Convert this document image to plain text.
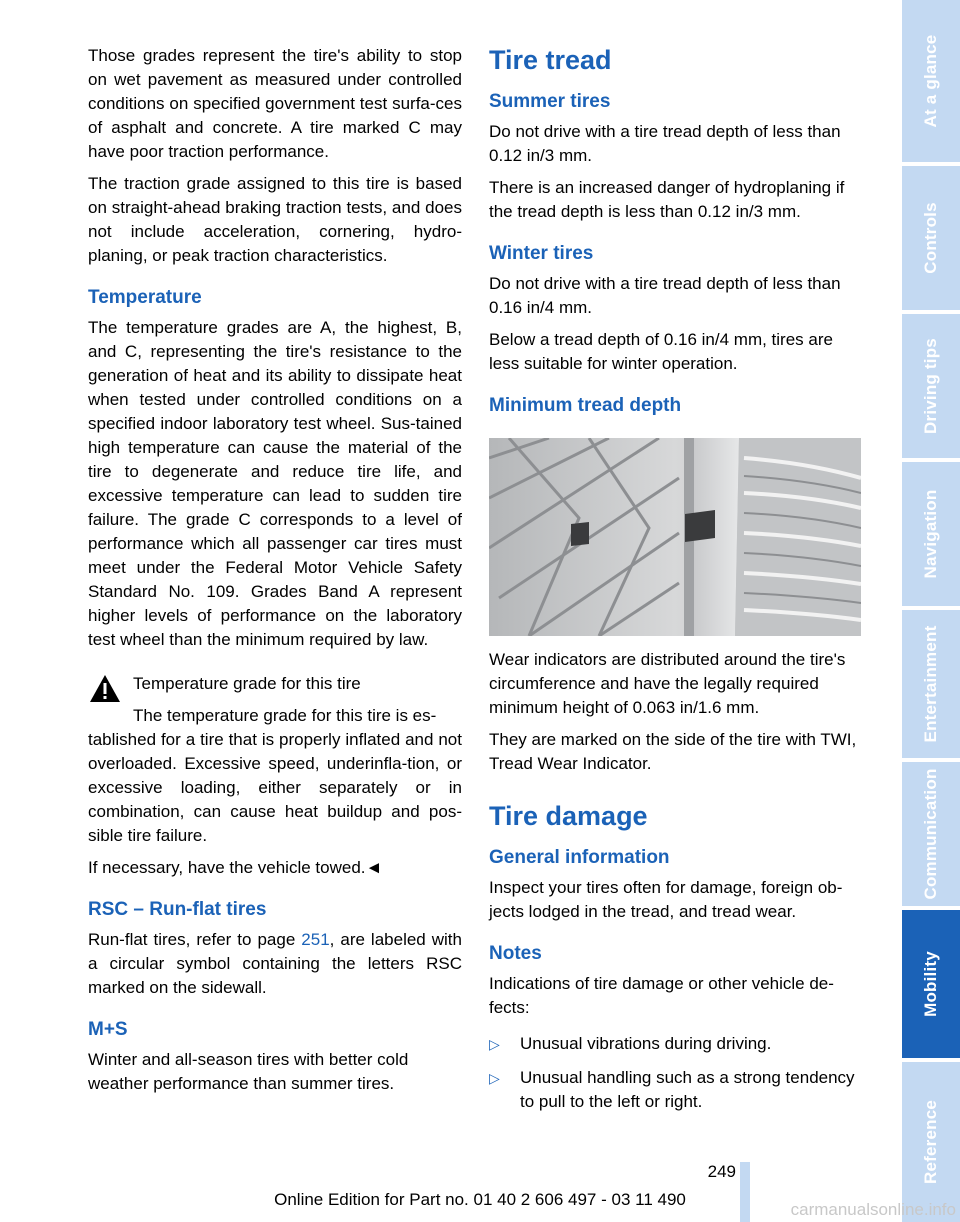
Those grades represent the tire's ability to stop on wet pavement as measured under controlled conditions on specified government test surfa-ces of asphalt and concrete. A tire marked C may have poor traction performance.

The traction grade assigned to this tire is based on straight-ahead braking traction tests, and does not include acceleration, cornering, hydro-planing, or peak traction characteristics.

Temperature

The temperature grades are A, the highest, B, and C, representing the tire's resistance to the generation of heat and its ability to dissipate heat when tested under controlled conditions on a specified indoor laboratory test wheel. Sus-tained high temperature can cause the material of the tire to degenerate and reduce tire life, and excessive temperature can lead to sudden tire failure. The grade C corresponds to a level of performance which all passenger car tires must meet under the Federal Motor Vehicle Safety Standard No. 109. Grades Band A represent higher levels of performance on the laboratory test wheel than the minimum required by law.

Temperature grade for this tire
The temperature grade for this tire is es-
tablished for a tire that is properly inflated and not overloaded. Excessive speed, underinfla-tion, or excessive loading, either separately or in combination, can cause heat buildup and pos-sible tire failure.

If necessary, have the vehicle towed.◄

RSC – Run-flat tires

Run-flat tires, refer to page 251, are labeled with a circular symbol containing the letters RSC marked on the sidewall.

M+S

Winter and all-season tires with better cold weather performance than summer tires.

Tire tread
Summer tires

Do not drive with a tire tread depth of less than 0.12 in/3 mm.

There is an increased danger of hydroplaning if the tread depth is less than 0.12 in/3 mm.

Winter tires

Do not drive with a tire tread depth of less than 0.16 in/4 mm.

Below a tread depth of 0.16 in/4 mm, tires are less suitable for winter operation.

Minimum tread depth

Wear indicators are distributed around the tire's circumference and have the legally required minimum height of 0.063 in/1.6 mm.

They are marked on the side of the tire with TWI, Tread Wear Indicator.

Tire damage
General information

Inspect your tires often for damage, foreign ob-jects lodged in the tread, and tread wear.

Notes

Indications of tire damage or other vehicle de-fects:

▷ Unusual vibrations during driving.
▷ Unusual handling such as a strong tendency to pull to the left or right.
At a glance
Controls
Driving tips
Navigation
Entertainment
Communication
Mobility
Reference
249
Online Edition for Part no. 01 40 2 606 497 - 03 11 490
carmanualsonline.info
